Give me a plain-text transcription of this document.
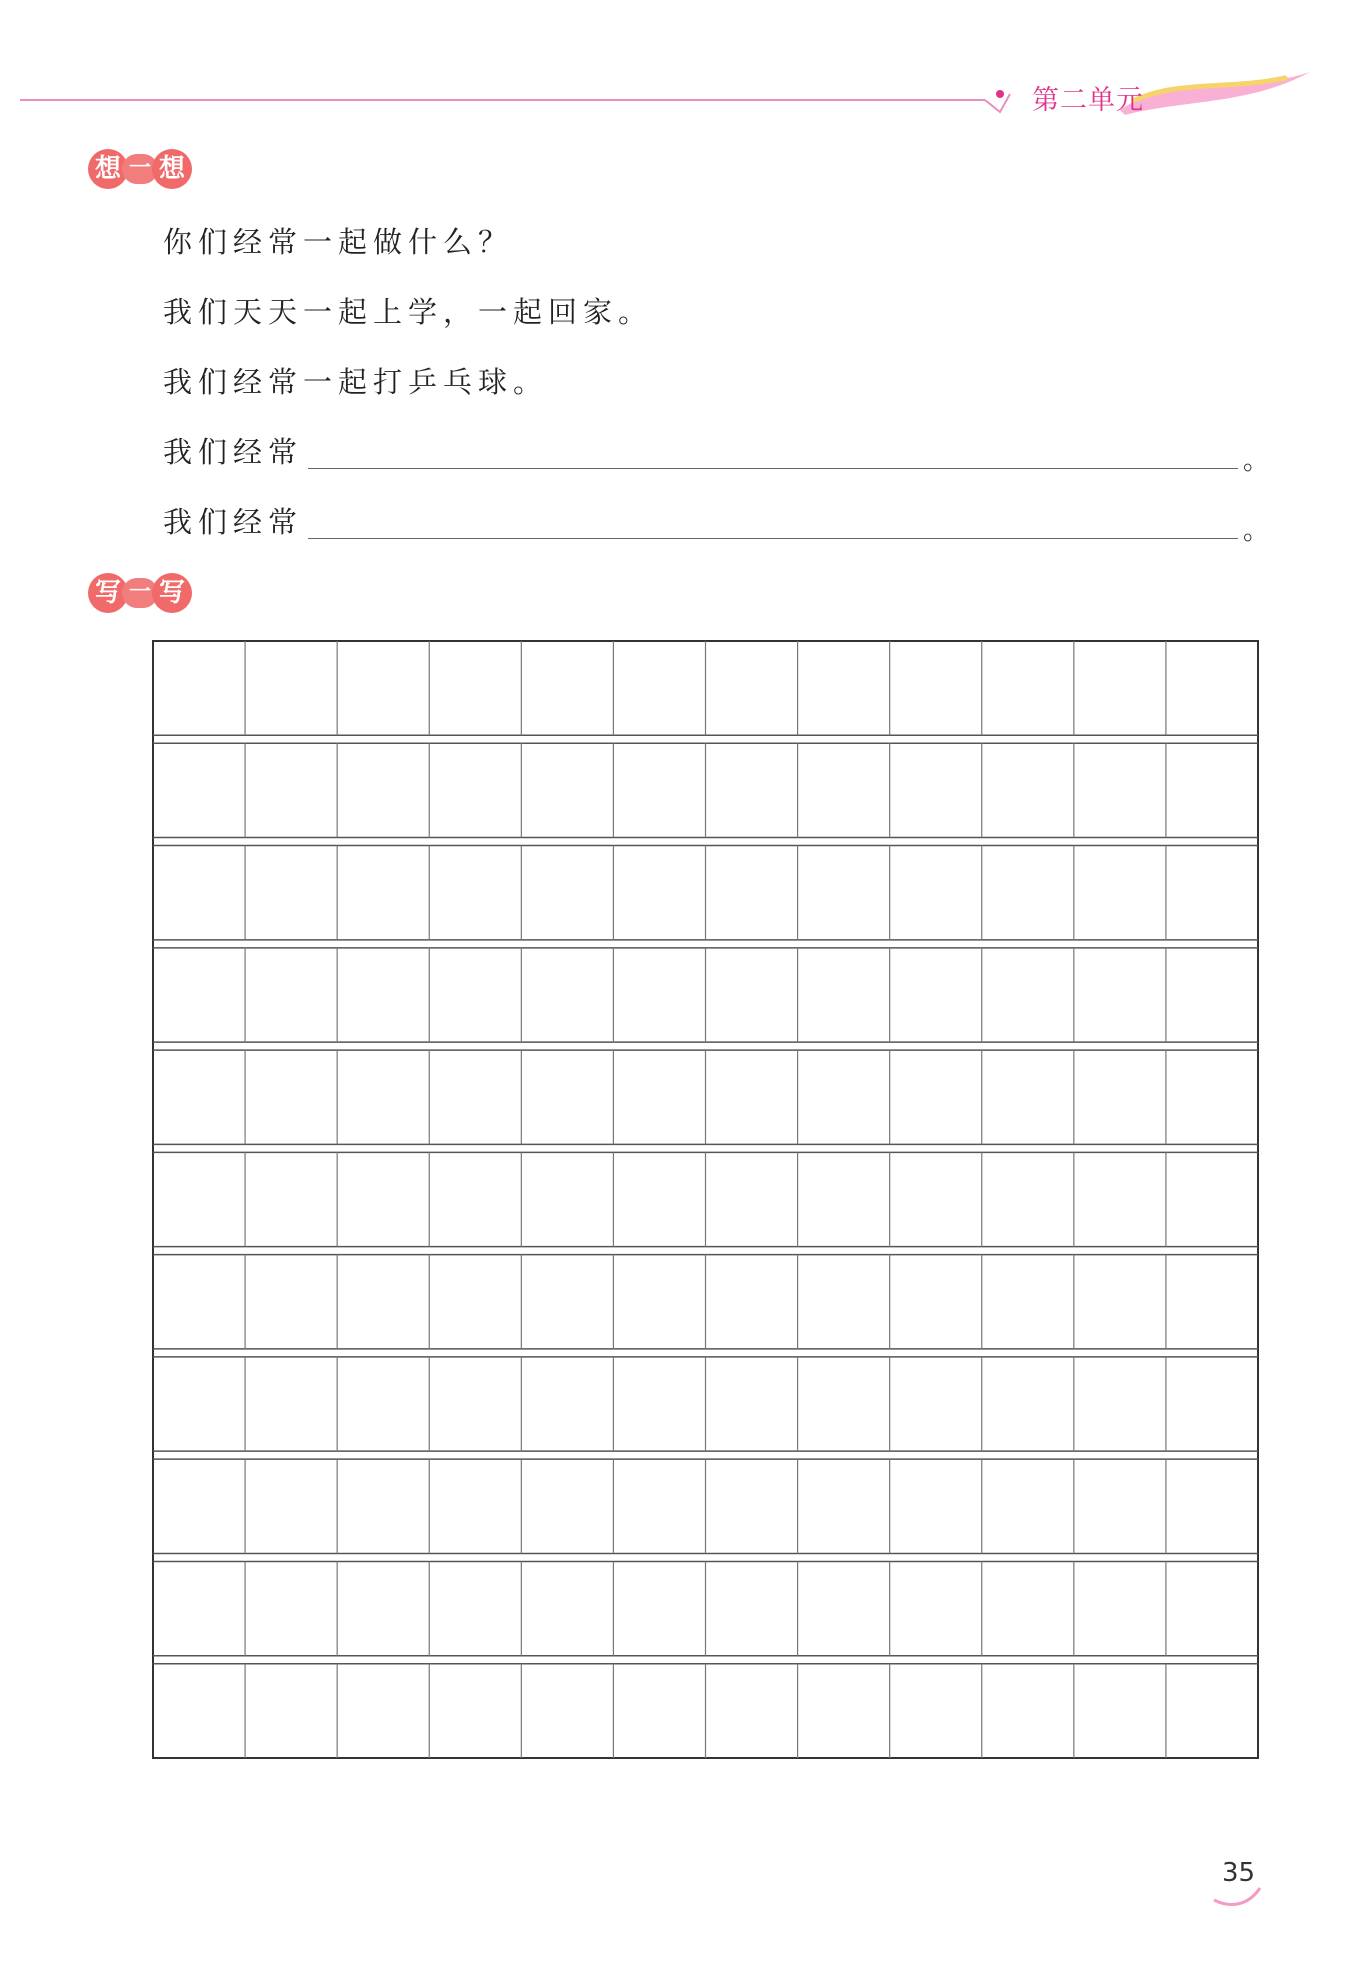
第二单元
想 一 想
你们经常一起做什么？
我们天天一起上学，一起回家。
我们经常一起打乒乓球。
我们经常	。
我们经常	。
写 一 写
35
